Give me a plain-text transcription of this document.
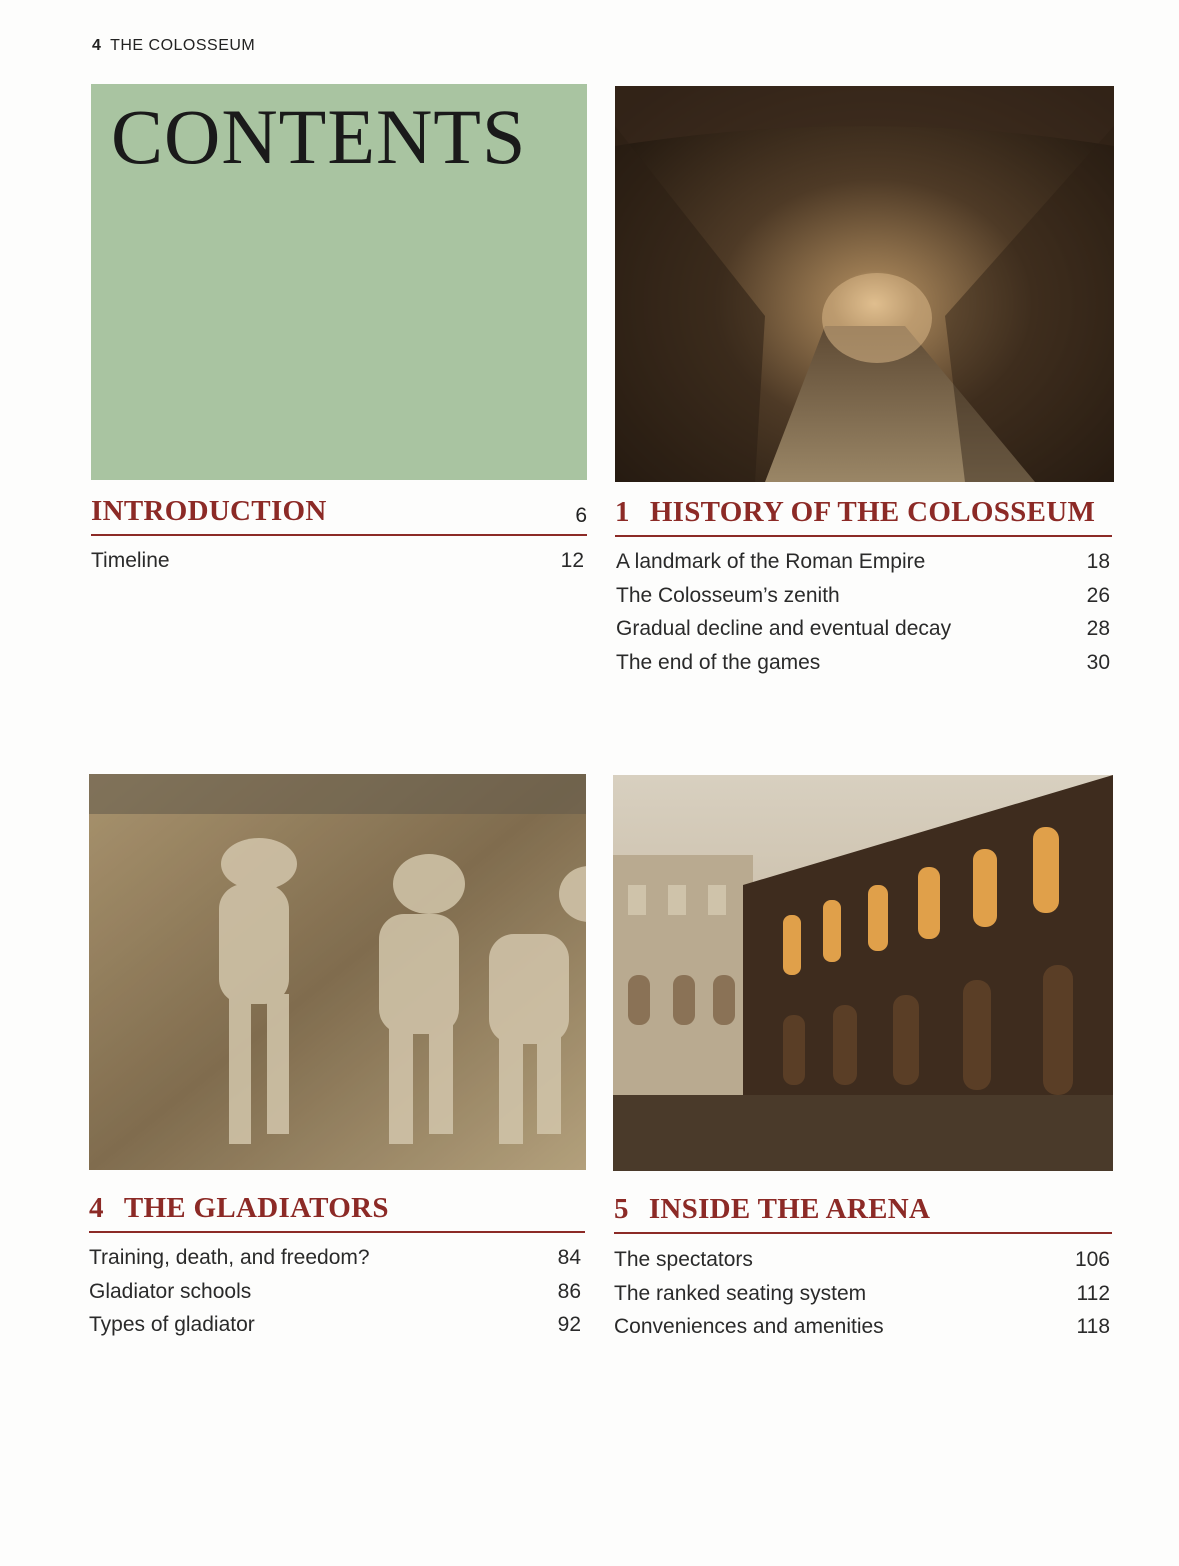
4 THE COLOSSEUM
CONTENTS
INTRODUCTION	6
Timeline	12
1 HISTORY OF THE COLOSSEUM
A landmark of the Roman Empire	18
The Colosseum’s zenith	26
Gradual decline and eventual decay	28
The end of the games	30
4 THE GLADIATORS
Training, death, and freedom?	84
Gladiator schools	86
Types of gladiator	92
5 INSIDE THE ARENA
The spectators	106
The ranked seating system	112
Conveniences and amenities	118
